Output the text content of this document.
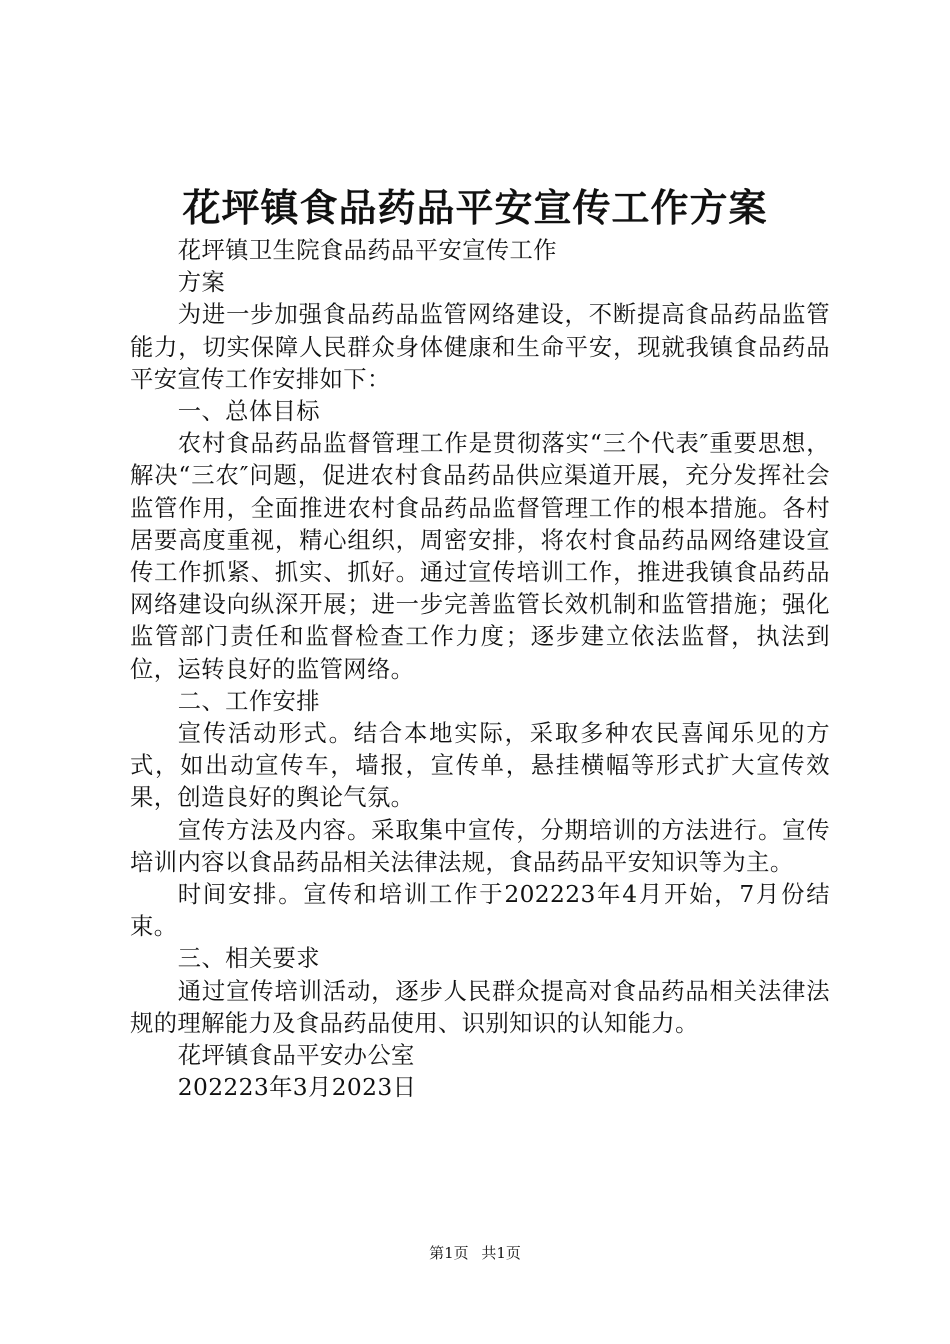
花坪镇食品药品平安宣传工作方案

花坪镇卫生院食品药品平安宣传工作

方案

为进一步加强食品药品监管网络建设，不断提高食品药品监管能力，切实保障人民群众身体健康和生命平安，现就我镇食品药品平安宣传工作安排如下：

一、总体目标

农村食品药品监督管理工作是贯彻落实“三个代表″重要思想，解决“三农″问题，促进农村食品药品供应渠道开展，充分发挥社会监管作用，全面推进农村食品药品监督管理工作的根本措施。各村居要高度重视，精心组织，周密安排，将农村食品药品网络建设宣传工作抓紧、抓实、抓好。通过宣传培训工作，推进我镇食品药品网络建设向纵深开展；进一步完善监管长效机制和监管措施；强化监管部门责任和监督检查工作力度；逐步建立依法监督，执法到位，运转良好的监管网络。

二、工作安排

宣传活动形式。结合本地实际，采取多种农民喜闻乐见的方式，如出动宣传车，墙报，宣传单，悬挂横幅等形式扩大宣传效果，创造良好的舆论气氛。

宣传方法及内容。采取集中宣传，分期培训的方法进行。宣传培训内容以食品药品相关法律法规，食品药品平安知识等为主。

时间安排。宣传和培训工作于202223年4月开始，7月份结束。

三、相关要求

通过宣传培训活动，逐步人民群众提高对食品药品相关法律法规的理解能力及食品药品使用、识别知识的认知能力。

花坪镇食品平安办公室

202223年3月2023日

第1页 共1页
